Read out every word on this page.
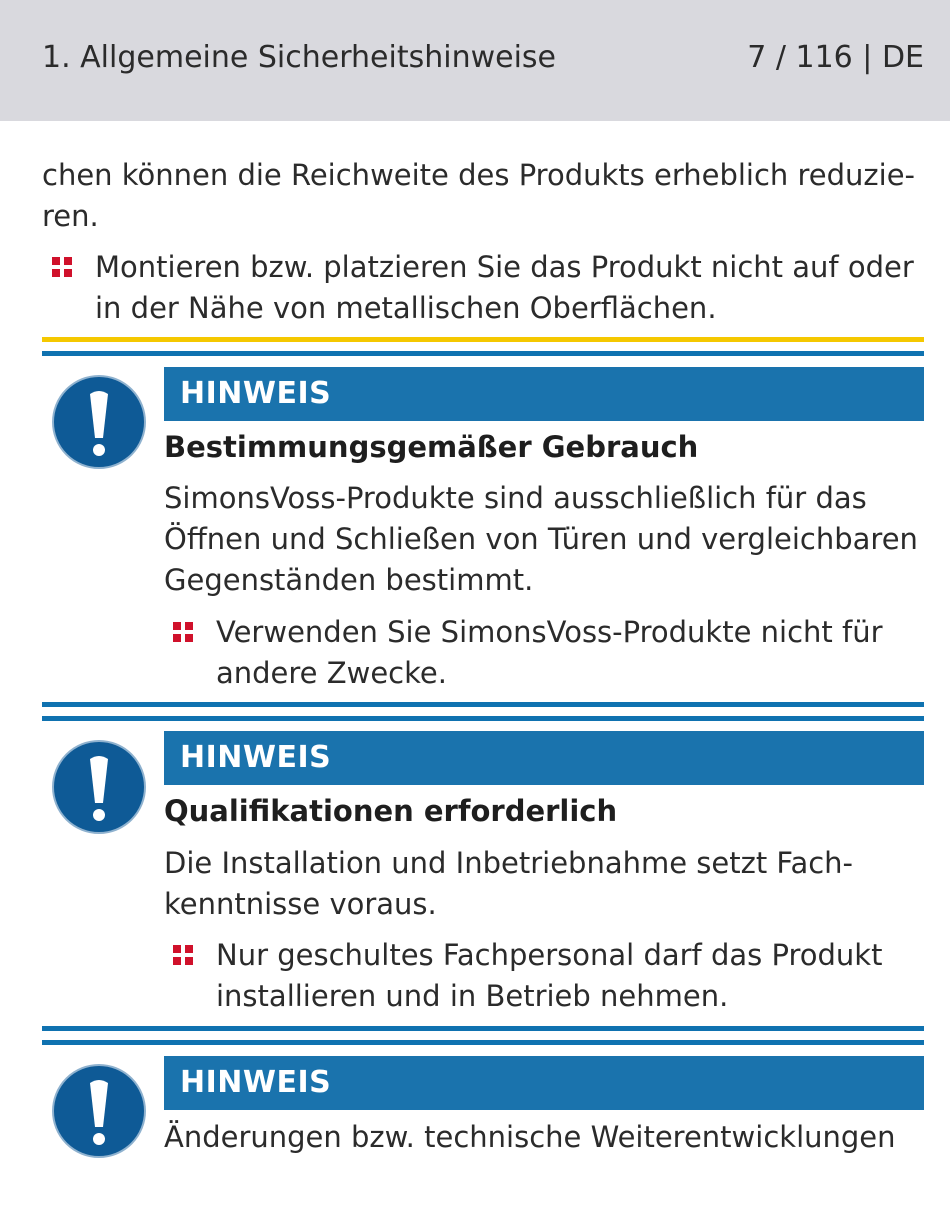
1. Allgemeine Sicherheitshinweise	7 / 116 | DE
chen können die Reichweite des Produkts erheblich reduzie-
ren.
Montieren bzw. platzieren Sie das Produkt nicht auf oder
in der Nähe von metallischen Oberflächen.
HINWEIS
Bestimmungsgemäßer Gebrauch
SimonsVoss-Produkte sind ausschließlich für das
Öffnen und Schließen von Türen und vergleichbaren
Gegenständen bestimmt.
Verwenden Sie SimonsVoss-Produkte nicht für
andere Zwecke.
HINWEIS
Qualifikationen erforderlich
Die Installation und Inbetriebnahme setzt Fach-
kenntnisse voraus.
Nur geschultes Fachpersonal darf das Produkt
installieren und in Betrieb nehmen.
HINWEIS
Änderungen bzw. technische Weiterentwicklungen
